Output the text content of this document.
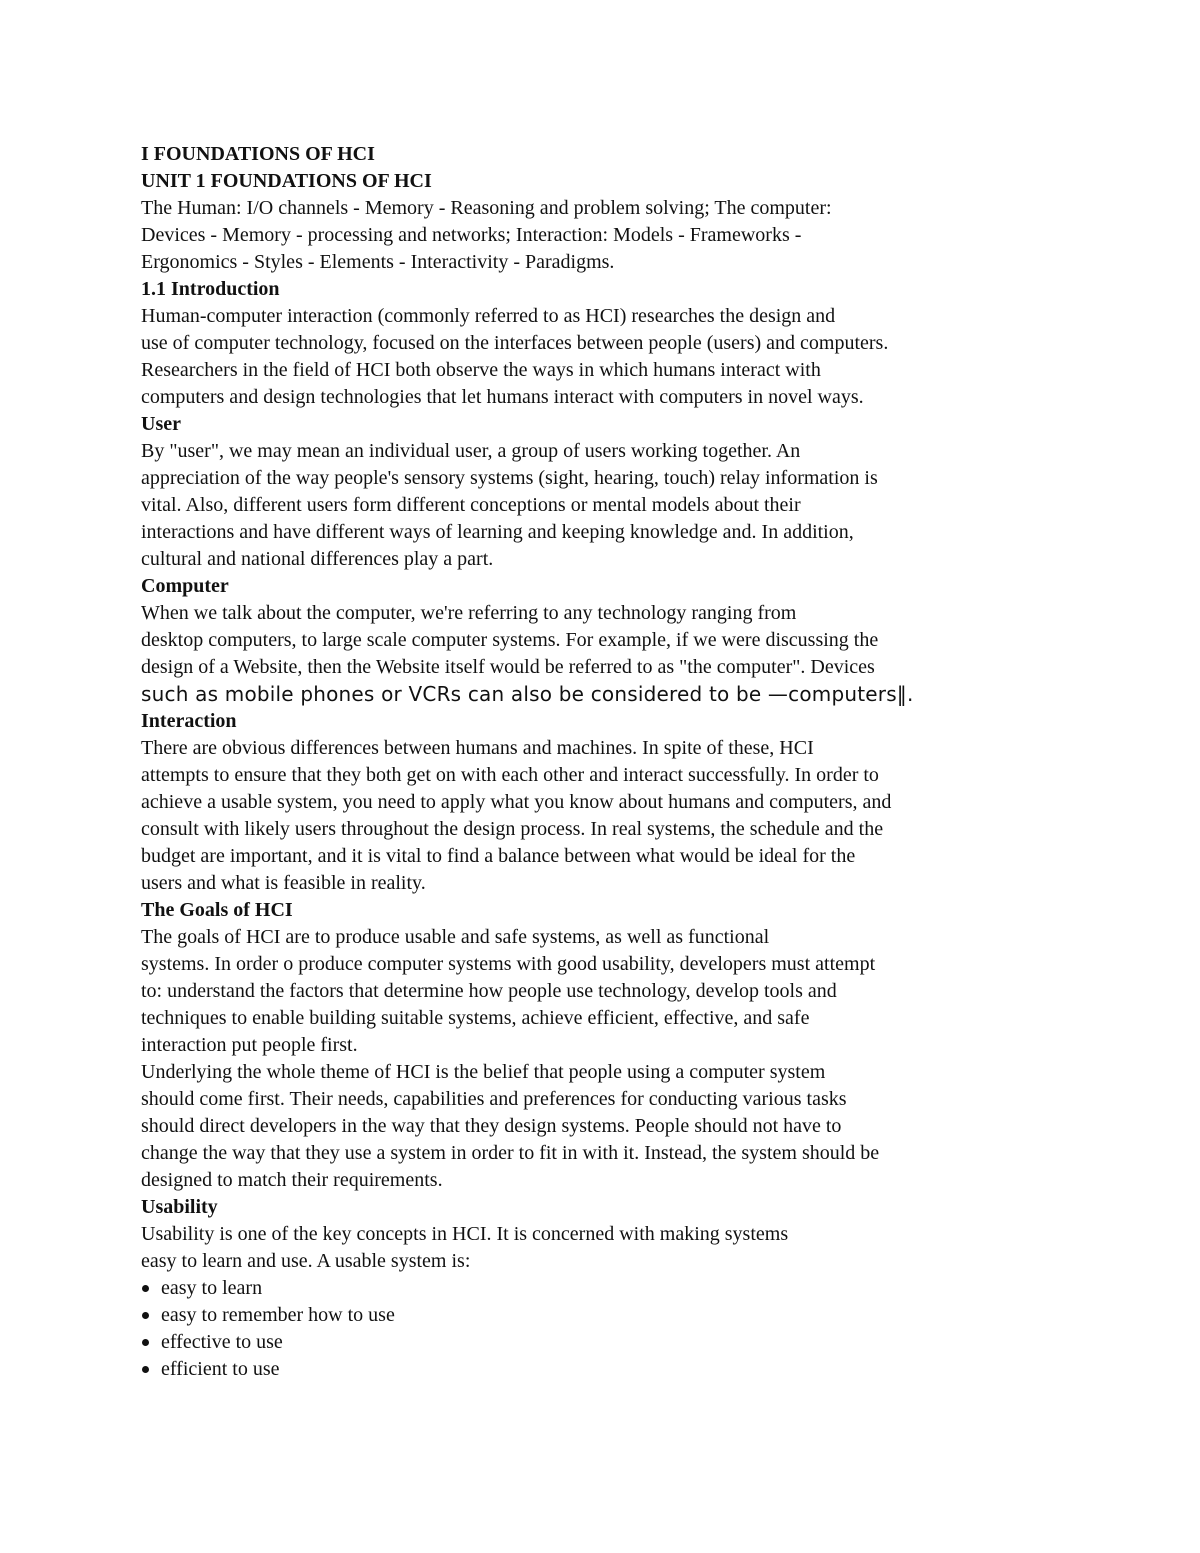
I FOUNDATIONS OF HCI
UNIT 1 FOUNDATIONS OF HCI
The Human: I/O channels - Memory - Reasoning and problem solving; The computer:
Devices - Memory - processing and networks; Interaction: Models - Frameworks -
Ergonomics - Styles - Elements - Interactivity - Paradigms.
1.1 Introduction
Human-computer interaction (commonly referred to as HCI) researches the design and
use of computer technology, focused on the interfaces between people (users) and computers.
Researchers in the field of HCI both observe the ways in which humans interact with
computers and design technologies that let humans interact with computers in novel ways.
User
By "user", we may mean an individual user, a group of users working together. An
appreciation of the way people's sensory systems (sight, hearing, touch) relay information is
vital. Also, different users form different conceptions or mental models about their
interactions and have different ways of learning and keeping knowledge and. In addition,
cultural and national differences play a part.
Computer
When we talk about the computer, we're referring to any technology ranging from
desktop computers, to large scale computer systems. For example, if we were discussing the
design of a Website, then the Website itself would be referred to as "the computer". Devices
such as mobile phones or VCRs can also be considered to be —computers‖.
Interaction
There are obvious differences between humans and machines. In spite of these, HCI
attempts to ensure that they both get on with each other and interact successfully. In order to
achieve a usable system, you need to apply what you know about humans and computers, and
consult with likely users throughout the design process. In real systems, the schedule and the
budget are important, and it is vital to find a balance between what would be ideal for the
users and what is feasible in reality.
The Goals of HCI
The goals of HCI are to produce usable and safe systems, as well as functional
systems. In order o produce computer systems with good usability, developers must attempt
to: understand the factors that determine how people use technology, develop tools and
techniques to enable building suitable systems, achieve efficient, effective, and safe
interaction put people first.
Underlying the whole theme of HCI is the belief that people using a computer system
should come first. Their needs, capabilities and preferences for conducting various tasks
should direct developers in the way that they design systems. People should not have to
change the way that they use a system in order to fit in with it. Instead, the system should be
designed to match their requirements.
Usability
Usability is one of the key concepts in HCI. It is concerned with making systems
easy to learn and use. A usable system is:
easy to learn
easy to remember how to use
effective to use
efficient to use
